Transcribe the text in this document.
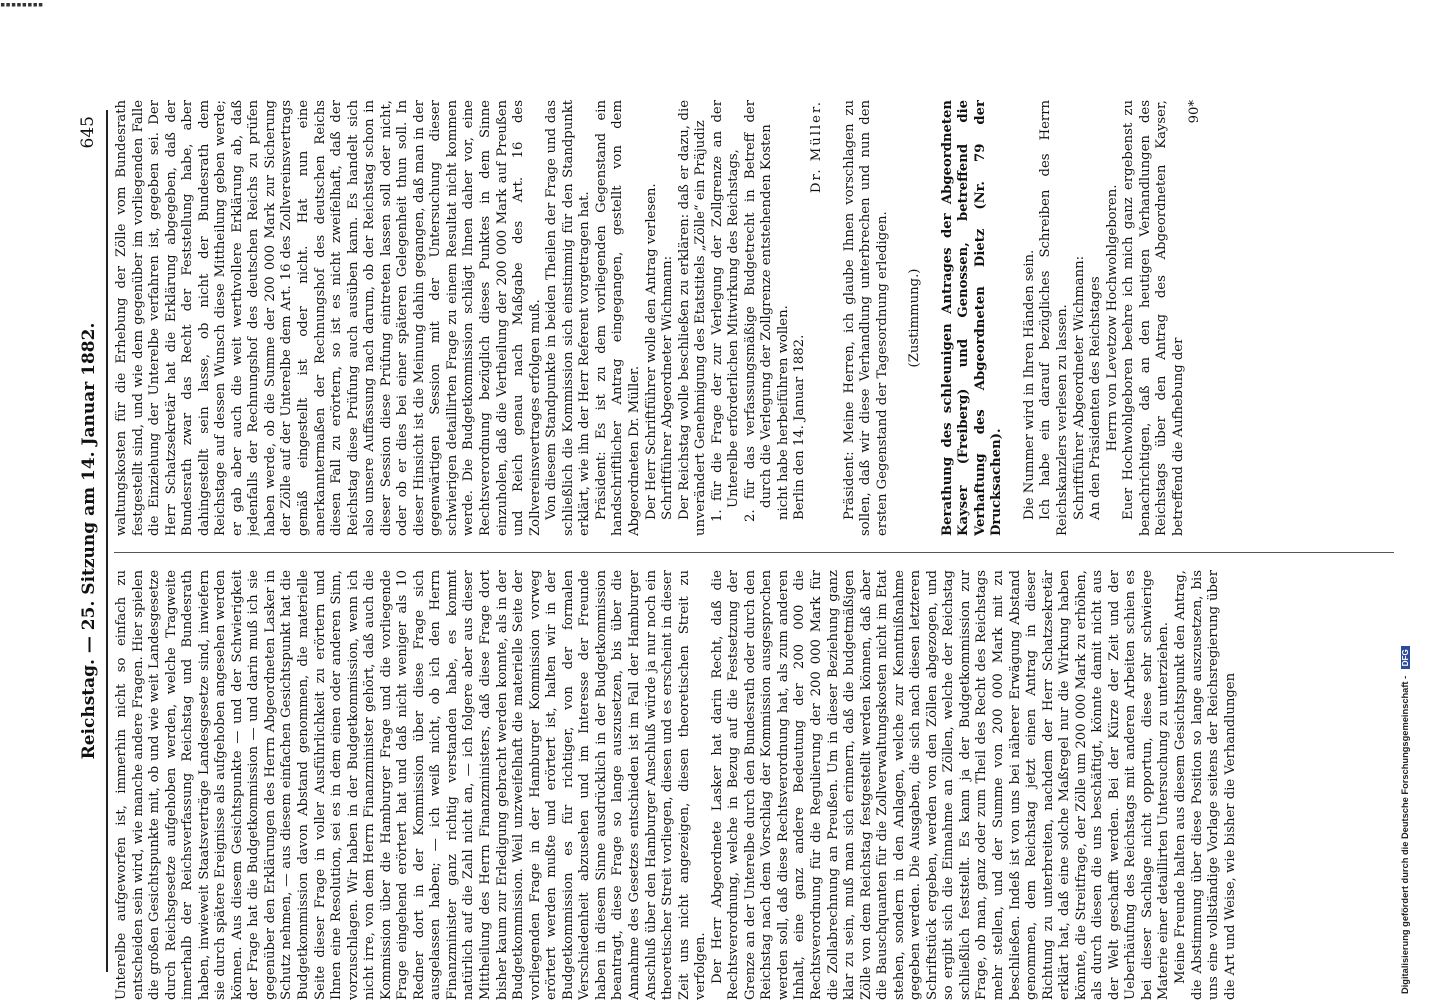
▪▪▪▪▪▪▪▪
Reichstag. — 25. Sitzung am 14. Januar 1882.
645

Unterelbe aufgeworfen ist, immerhin nicht so einfach zu entscheiden sein wird, wie manche andere Fragen. Hier spielen die großen Gesichtspunkte mit, ob und wie weit Landesgesetze durch Reichsgesetze aufgehoben werden, welche Tragweite innerhalb der Reichsverfassung Reichstag und Bundesrath haben, inwieweit Staatsverträge Landesgesetze sind, inwiefern sie durch spätere Ereignisse als aufgehoben angesehen werden können. Aus diesem Gesichtspunkte — und der Schwierigkeit der Frage hat die Budgetkommission — und darin muß ich sie gegenüber den Erklärungen des Herrn Abgeordneten Lasker in Schutz nehmen, — aus diesem einfachen Gesichtspunkt hat die Budgetkommission davon Abstand genommen, die materielle Seite dieser Frage in voller Ausführlichkeit zu erörtern und Ihnen eine Resolution, sei es in dem einen oder anderen Sinn, vorzuschlagen. Wir haben in der Budgetkommission, wenn ich nicht irre, von dem Herrn Finanzminister gehört, daß auch die Kommission über die Hamburger Frage und die vorliegende Frage eingehend erörtert hat und daß nicht weniger als 10 Redner dort in der Kommission über diese Frage sich ausgelassen haben; — ich weiß nicht, ob ich den Herrn Finanzminister ganz richtig verstanden habe, es kommt natürlich auf die Zahl nicht an, — ich folgere aber aus dieser Mittheilung des Herrn Finanzministers, daß diese Frage dort bisher kaum zur Erledigung gebracht werden konnte, als in der Budgetkommission. Weil unzweifelhaft die materielle Seite der vorliegenden Frage in der Hamburger Kommission vorweg erörtert werden mußte und erörtert ist, halten wir in der Budgetkommission es für richtiger, von der formalen Verschiedenheit abzusehen und im Interesse der Freunde haben in diesem Sinne ausdrücklich in der Budgetkommission beantragt, diese Frage so lange auszusetzen, bis über die Annahme des Gesetzes entschieden ist im Fall der Hamburger Anschluß über den Hamburger Anschluß würde ja nur noch ein theoretischer Streit vorliegen, diesen und es erscheint in dieser Zeit uns nicht angezeigen, diesen theoretischen Streit zu verfolgen. Der Herr Abgeordnete Lasker hat darin Recht, daß die Rechtsverordnung, welche in Bezug auf die Festsetzung der Grenze an der Unterelbe durch den Bundesrath oder durch den Reichstag nach dem Vorschlag der Kommission ausgesprochen werden soll, daß diese Rechtsverordnung hat, als zum anderen Inhalt, eine ganz andere Bedeutung der 200 000 die Rechtsverordnung für die Regulierung der 200 000 Mark für die Zollabrechnung an Preußen. Um in dieser Beziehung ganz klar zu sein, muß man sich erinnern, daß die budgetmäßigen Zölle von dem Reichstag festgestellt werden können, daß aber die Bauschquanten für die Zollverwaltungskosten nicht im Etat stehen, sondern in den Anlagen, welche zur Kenntnißnahme gegeben werden. Die Ausgaben, die sich nach diesen letzteren Schriftstück ergeben, werden von den Zöllen abgezogen, und so ergibt sich die Einnahme an Zöllen, welche der Reichstag schließlich feststellt. Es kann ja der Budgetkommission zur Frage, ob man, ganz oder zum Theil des Recht des Reichstags mehr stellen, und der Summe von 200 000 Mark mit zu beschließen. Indeß ist von uns bei näherer Erwägung Abstand genommen, dem Reichstag jetzt einen Antrag in dieser Richtung zu unterbreiten, nachdem der Herr Schatzsekretär erklärt hat, daß eine solche Maßregel nur die Wirkung haben könnte, die Streitfrage, der Zölle um 200 000 Mark zu erhöhen, als durch diesen die uns beschäftigt, könnte damit nicht aus der Welt geschafft werden. Bei der Kürze der Zeit und der Ueberhäufung des Reichstags mit anderen Arbeiten schien es bei dieser Sachlage nicht opportun, diese sehr schwierige Materie einer detaillirten Untersuchung zu unterziehen. Meine Freunde halten aus diesem Gesichtspunkt den Antrag, die Abstimmung über diese Position so lange auszusetzen, bis uns eine vollständige Vorlage seitens der Reichsregierung über die Art und Weise, wie bisher die Verhandlungen

waltungskosten für die Erhebung der Zölle vom Bundesrath festgestellt sind, und wie dem gegenüber im vorliegenden Falle die Einziehung der Unterelbe verfahren ist, gegeben sei. Der Herr Schatzsekretär hat die Erklärung abgegeben, daß der Bundesrath zwar das Recht der Feststellung habe, aber dahingestellt sein lasse, ob nicht der Bundesrath dem Reichstage auf dessen Wunsch diese Mittheilung geben werde; er gab aber auch die weit werthvollere Erklärung ab, daß jedenfalls der Rechnungshof des deutschen Reichs zu prüfen haben werde, ob die Summe der 200 000 Mark zur Sicherung der Zölle auf der Unterelbe dem Art. 16 des Zollvereinsvertrags gemäß eingestellt ist oder nicht. Hat nun eine anerkanntermaßen der Rechnungshof des deutschen Reichs diesen Fall zu erörtern, so ist es nicht zweifelhaft, daß der Reichstag diese Prüfung auch ausüben kann. Es handelt sich also unsere Auffassung nach darum, ob der Reichstag schon in dieser Session diese Prüfung eintreten lassen soll oder nicht, oder ob er dies bei einer späteren Gelegenheit thun soll. In dieser Hinsicht ist die Meinung dahin gegangen, daß man in der gegenwärtigen Session mit der Untersuchung dieser schwierigen detaillirten Frage zu einem Resultat nicht kommen werde. Die Budgetkommission schlägt Ihnen daher vor, eine Rechtsverordnung bezüglich dieses Punktes in dem Sinne einzuholen, daß die Vertheilung der 200 000 Mark auf Preußen und Reich genau nach Maßgabe des Art. 16 des Zollvereinsvertrages erfolgen muß. Von diesem Standpunkte in beiden Theilen der Frage und das schließlich die Kommission sich einstimmig für den Standpunkt erklärt, wie ihn der Herr Referent vorgetragen hat. Präsident: Es ist zu dem vorliegenden Gegenstand ein handschriftlicher Antrag eingegangen, gestellt von dem Abgeordneten Dr. Müller. Der Herr Schriftführer wolle den Antrag verlesen. Schriftführer Abgeordneter Wichmann: Der Reichstag wolle beschließen zu erklären: daß er dazu, die unverändert Genehmigung des Etatstitels „Zölle“ ein Präjudiz 1. für die Frage der zur Verlegung der Zollgrenze an der Unterelbe erforderlichen Mitwirkung des Reichstags, 2. für das verfassungsmäßige Budgetrecht in Betreff der durch die Verlegung der Zollgrenze entstehenden Kosten nicht habe herbeiführen wollen. Berlin den 14. Januar 1882.

Dr. Müller. Präsident: Meine Herren, ich glaube Ihnen vorschlagen zu sollen, daß wir diese Verhandlung unterbrechen und nun den ersten Gegenstand der Tagesordnung erledigen. (Zustimmung.) Berathung des schleunigen Antrages der Abgeordneten Kayser (Freiberg) und Genossen, betreffend die Verhaftung des Abgeordneten Dietz (Nr. 79 der Drucksachen). Die Nummer wird in Ihren Händen sein. Ich habe ein darauf bezügliches Schreiben des Herrn Reichskanzlers verlesen zu lassen. Schriftführer Abgeordneter Wichmann: An den Präsidenten des Reichstages Herrn von Levetzow Hochwohlgeboren. Euer Hochwohlgeboren beehre ich mich ganz ergebenst zu benachrichtigen, daß an den heutigen Verhandlungen des Reichstags über den Antrag des Abgeordneten Kayser, betreffend die Aufhebung der

90*

Digitalisierung gefördert durch die Deutsche Forschungsgemeinschaft - DFG
